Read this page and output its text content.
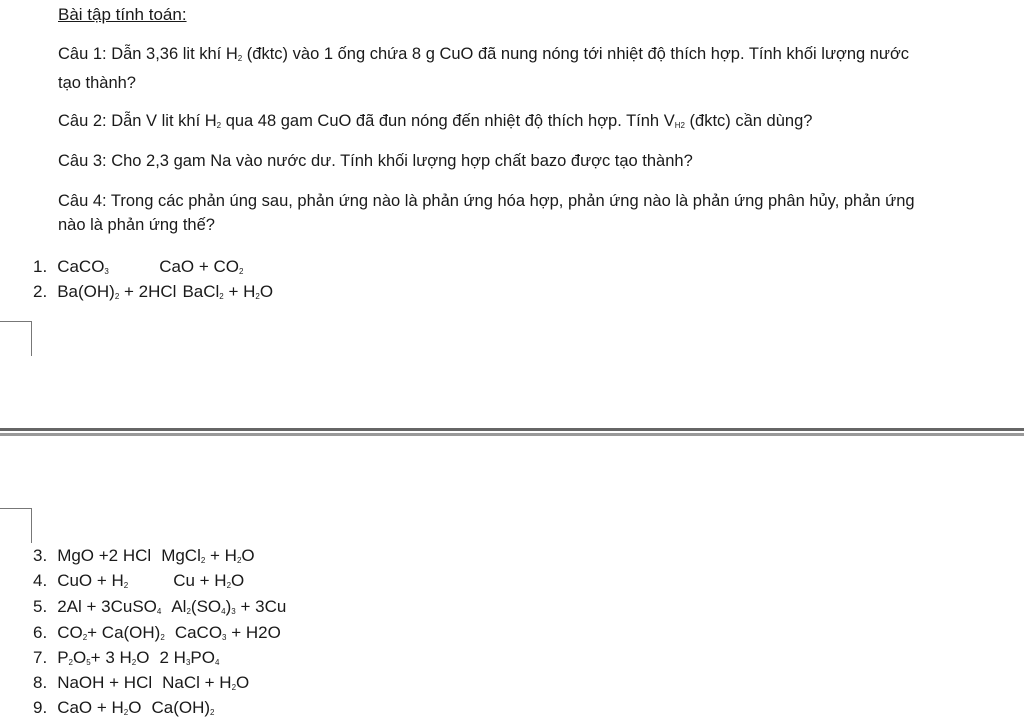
Bài tập tính toán:
Câu 1: Dẫn 3,36 lit khí $H_2$ (đktc) vào 1 ống chứa 8 g CuO đã nung nóng tới nhiệt độ thích hợp. Tính khối lượng nước
tạo thành?
Câu 2: Dẫn V lit khí $H_2$ qua 48 gam CuO đã đun nóng đến nhiệt độ thích hợp. Tính $V_{H2}$ (đktc) cần dùng?
Câu 3: Cho 2,3 gam Na vào nước dư. Tính khối lượng hợp chất bazo được tạo thành?
Câu 4: Trong các phản úng sau, phản ứng nào là phản ứng hóa hợp, phản ứng nào là phản ứng phân hủy, phản ứng
nào là phản ứng thế?
1. CaCO$_3$	CaO + $CO_2$
2. $Ba(OH)_2 + 2HCl$ BaCl$_2$ + $H_2O$
3. MgO +2 HCl MgCl$_2$ + $H_2O$
4. CuO + $H_2$	$Cu + H_2O$
5. 2Al + 3CuSO$_4$ $Al_2(SO_4)_3 + 3Cu$
6. $CO_2+ Ca(OH)_2$ CaCO$_3$ + H2O
7. $P_2O_5+ 3$ $H_2O$ 2 $H_3PO_4$
8. NaOH + HCl NaCl + $H_2O$
9. CaO + $H_2O$ $Ca(OH)_2$
